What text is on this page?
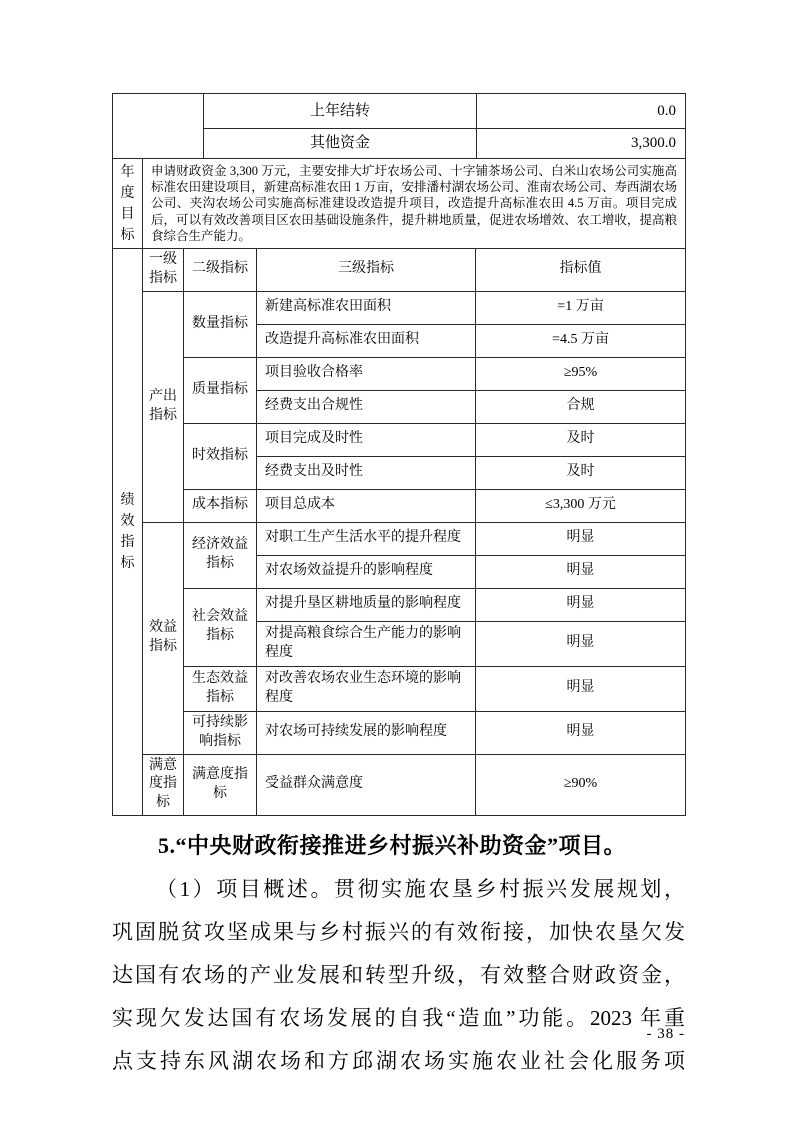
	上年结转	0.0
	其他资金	3,300.0
年度目标	申请财政资金 3,300 万元，主要安排大圹圩农场公司、十字铺茶场公司、白米山农场公司实施高标准农田建设项目，新建高标准农田 1 万亩，安排潘村湖农场公司、淮南农场公司、寿西湖农场公司、夹沟农场公司实施高标准建设改造提升项目，改造提升高标准农田 4.5 万亩。项目完成后，可以有效改善项目区农田基础设施条件，提升耕地质量，促进农场增效、农工增收，提高粮食综合生产能力。
绩效指标	一级指标	二级指标	三级指标	指标值
	产出指标	数量指标	新建高标准农田面积	=1 万亩
			改造提升高标准农田面积	=4.5 万亩
		质量指标	项目验收合格率	≥95%
			经费支出合规性	合规
		时效指标	项目完成及时性	及时
			经费支出及时性	及时
		成本指标	项目总成本	≤3,300 万元
	效益指标	经济效益指标	对职工生产生活水平的提升程度	明显
			对农场效益提升的影响程度	明显
		社会效益指标	对提升垦区耕地质量的影响程度	明显
			对提高粮食综合生产能力的影响程度	明显
		生态效益指标	对改善农场农业生态环境的影响程度	明显
		可持续影响指标	对农场可持续发展的影响程度	明显
	满意度指标	满意度指标	受益群众满意度	≥90%
5.“中央财政衔接推进乡村振兴补助资金”项目。
（1）项目概述。贯彻实施农垦乡村振兴发展规划，
巩固脱贫攻坚成果与乡村振兴的有效衔接，加快农垦欠发
达国有农场的产业发展和转型升级，有效整合财政资金，
实现欠发达国有农场发展的自我“造血”功能。2023 年重
点支持东风湖农场和方邱湖农场实施农业社会化服务项
- 38 -
